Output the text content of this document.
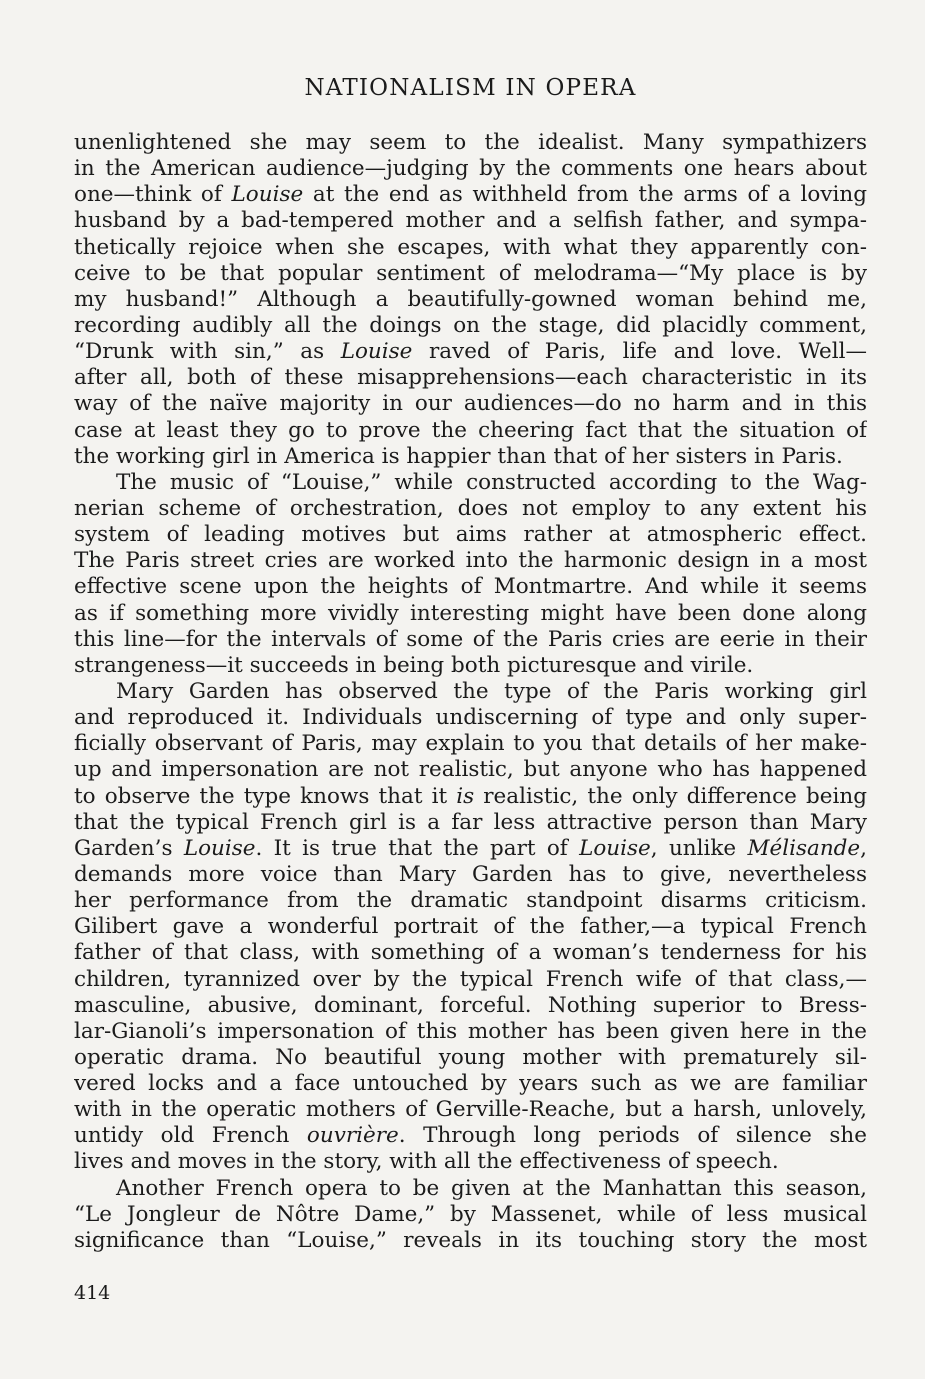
NATIONALISM IN OPERA
unenlightened she may seem to the idealist. Many sympathizers
in the American audience—judging by the comments one hears about
one—think of Louise at the end as withheld from the arms of a loving
husband by a bad-tempered mother and a selfish father, and sympa-
thetically rejoice when she escapes, with what they apparently con-
ceive to be that popular sentiment of melodrama—“My place is by
my husband!” Although a beautifully-gowned woman behind me,
recording audibly all the doings on the stage, did placidly comment,
“Drunk with sin,” as Louise raved of Paris, life and love. Well—
after all, both of these misapprehensions—each characteristic in its
way of the naïve majority in our audiences—do no harm and in this
case at least they go to prove the cheering fact that the situation of
the working girl in America is happier than that of her sisters in Paris.
The music of “Louise,” while constructed according to the Wag-
nerian scheme of orchestration, does not employ to any extent his
system of leading motives but aims rather at atmospheric effect.
The Paris street cries are worked into the harmonic design in a most
effective scene upon the heights of Montmartre. And while it seems
as if something more vividly interesting might have been done along
this line—for the intervals of some of the Paris cries are eerie in their
strangeness—it succeeds in being both picturesque and virile.
Mary Garden has observed the type of the Paris working girl
and reproduced it. Individuals undiscerning of type and only super-
ficially observant of Paris, may explain to you that details of her make-
up and impersonation are not realistic, but anyone who has happened
to observe the type knows that it is realistic, the only difference being
that the typical French girl is a far less attractive person than Mary
Garden’s Louise. It is true that the part of Louise, unlike Mélisande,
demands more voice than Mary Garden has to give, nevertheless
her performance from the dramatic standpoint disarms criticism.
Gilibert gave a wonderful portrait of the father,—a typical French
father of that class, with something of a woman’s tenderness for his
children, tyrannized over by the typical French wife of that class,—
masculine, abusive, dominant, forceful. Nothing superior to Bress-
lar-Gianoli’s impersonation of this mother has been given here in the
operatic drama. No beautiful young mother with prematurely sil-
vered locks and a face untouched by years such as we are familiar
with in the operatic mothers of Gerville-Reache, but a harsh, unlovely,
untidy old French ouvrière. Through long periods of silence she
lives and moves in the story, with all the effectiveness of speech.
Another French opera to be given at the Manhattan this season,
“Le Jongleur de Nôtre Dame,” by Massenet, while of less musical
significance than “Louise,” reveals in its touching story the most
414
